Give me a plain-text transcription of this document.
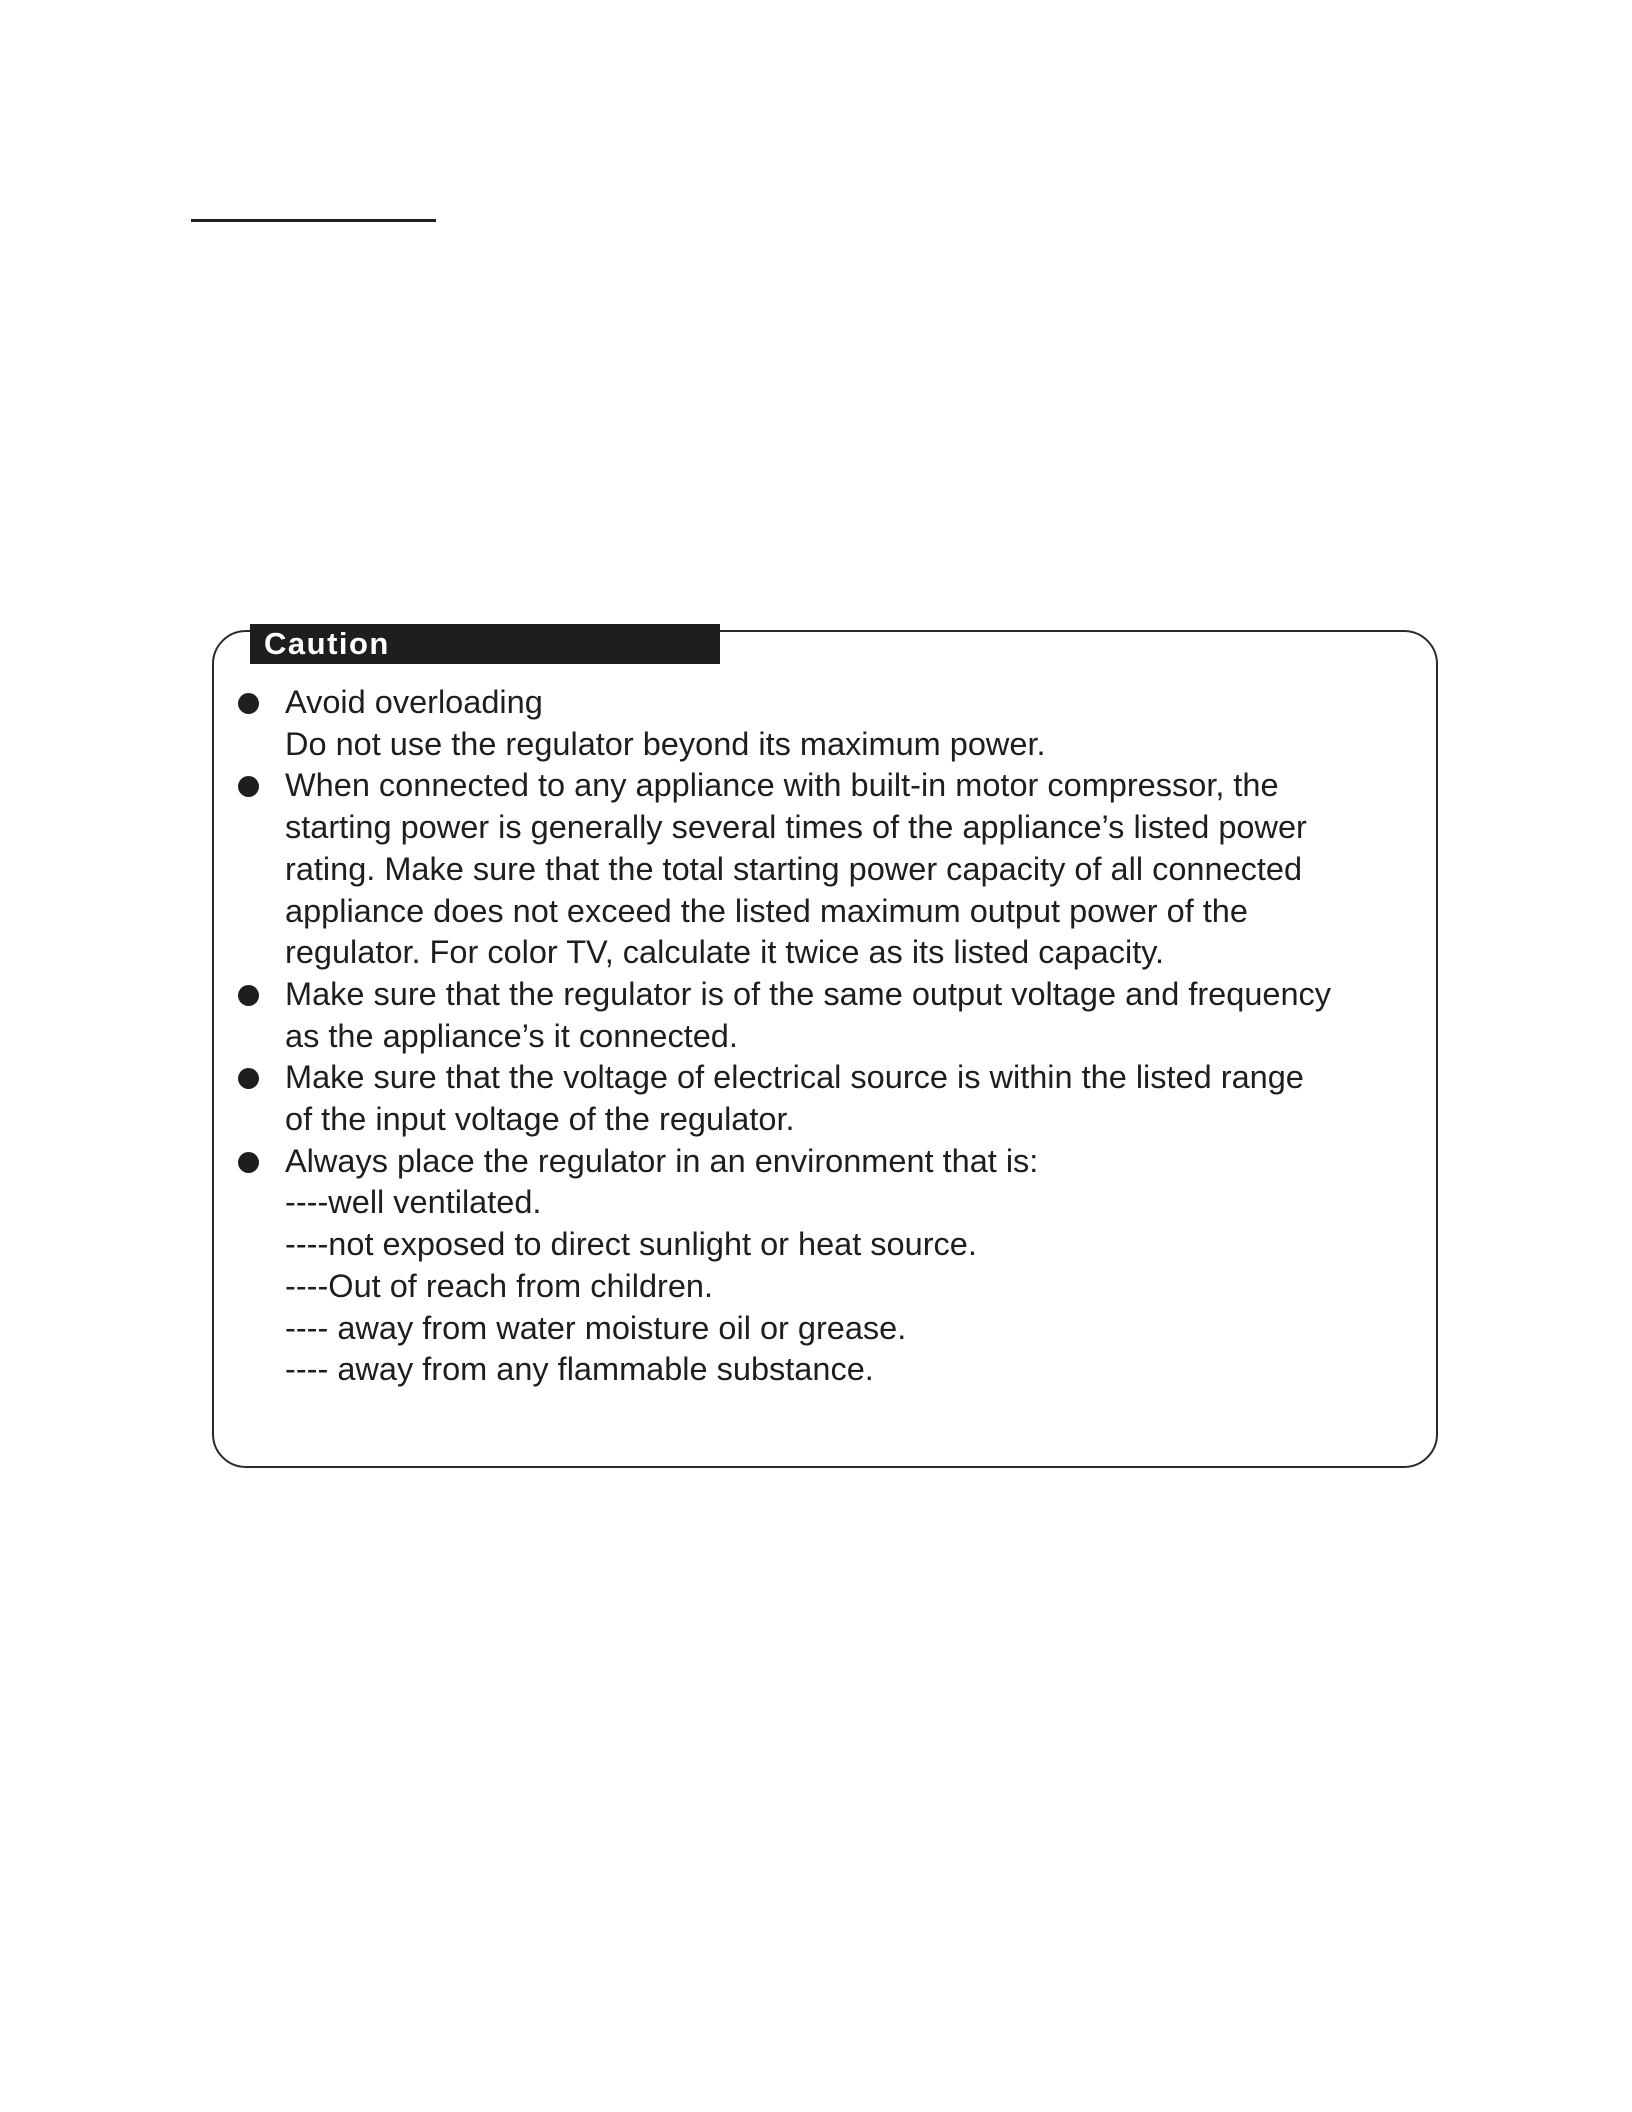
Caution
Avoid overloading
Do not use the regulator beyond its maximum power.
When connected to any appliance with built-in motor compressor, the
starting power is generally several times of the appliance’s listed power
rating. Make sure that the total starting power capacity of all connected
appliance does not exceed the listed maximum output power of the
regulator. For color TV, calculate it twice as its listed capacity.
Make sure that the regulator is of the same output voltage and frequency
as the appliance’s it connected.
Make sure that the voltage of electrical source is within the listed range
of the input voltage of the regulator.
Always place the regulator in an environment that is:
----well ventilated.
----not exposed to direct sunlight or heat source.
----Out of reach from children.
---- away from water moisture oil or grease.
---- away from any flammable substance.
